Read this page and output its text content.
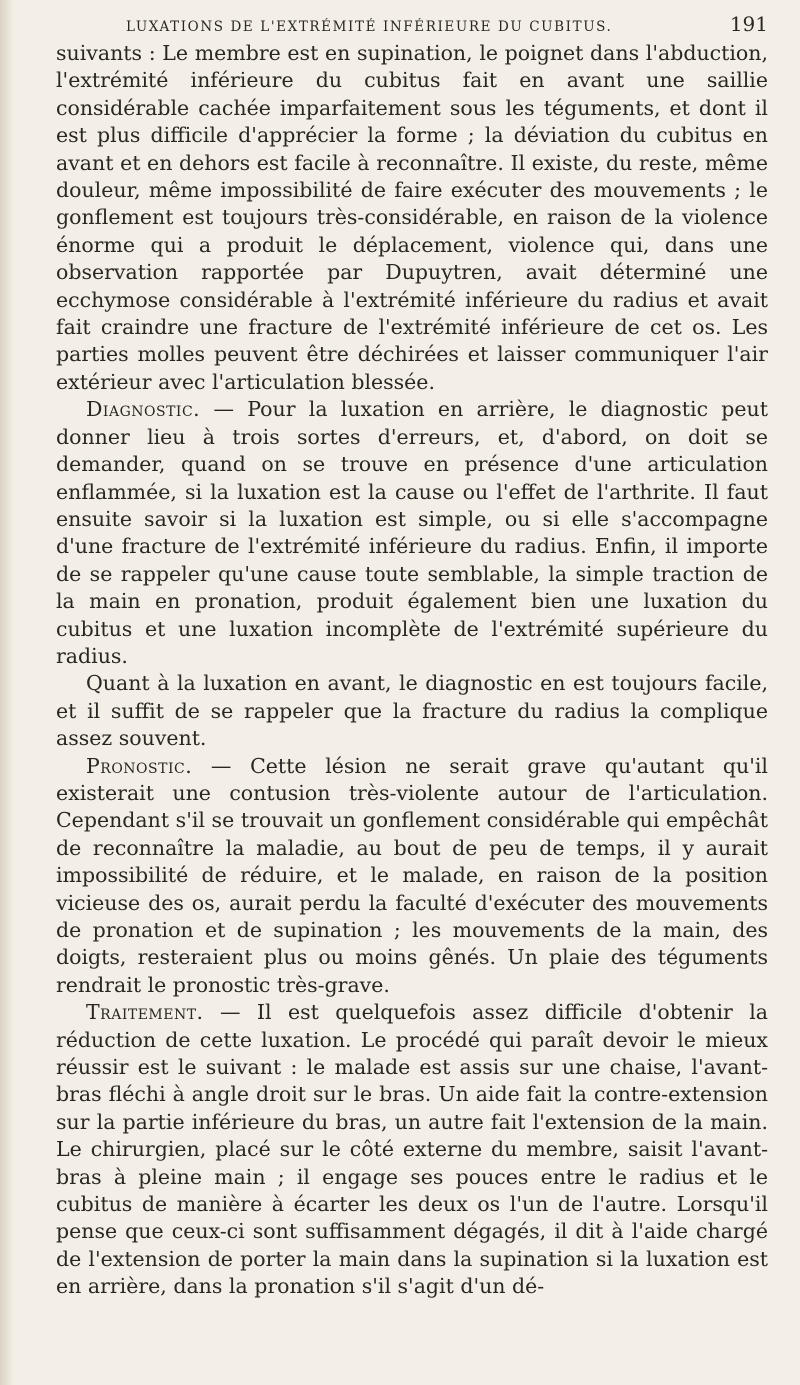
LUXATIONS DE L'EXTRÉMITÉ INFÉRIEURE DU CUBITUS.	191

suivants : Le membre est en supination, le poignet dans l'abduction, l'extrémité inférieure du cubitus fait en avant une saillie considérable cachée imparfaitement sous les téguments, et dont il est plus difficile d'apprécier la forme ; la déviation du cubitus en avant et en dehors est facile à reconnaître. Il existe, du reste, même douleur, même impossibilité de faire exécuter des mouvements ; le gonflement est toujours très-considérable, en raison de la violence énorme qui a produit le déplacement, violence qui, dans une observation rapportée par Dupuytren, avait déterminé une ecchymose considérable à l'extrémité inférieure du radius et avait fait craindre une fracture de l'extrémité inférieure de cet os. Les parties molles peuvent être déchirées et laisser communiquer l'air extérieur avec l'articulation blessée.

Diagnostic. — Pour la luxation en arrière, le diagnostic peut donner lieu à trois sortes d'erreurs, et, d'abord, on doit se demander, quand on se trouve en présence d'une articulation enflammée, si la luxation est la cause ou l'effet de l'arthrite. Il faut ensuite savoir si la luxation est simple, ou si elle s'accompagne d'une fracture de l'extrémité inférieure du radius. Enfin, il importe de se rappeler qu'une cause toute semblable, la simple traction de la main en pronation, produit également bien une luxation du cubitus et une luxation incomplète de l'extrémité supérieure du radius.

Quant à la luxation en avant, le diagnostic en est toujours facile, et il suffit de se rappeler que la fracture du radius la complique assez souvent.

Pronostic. — Cette lésion ne serait grave qu'autant qu'il existerait une contusion très-violente autour de l'articulation. Cependant s'il se trouvait un gonflement considérable qui empêchât de reconnaître la maladie, au bout de peu de temps, il y aurait impossibilité de réduire, et le malade, en raison de la position vicieuse des os, aurait perdu la faculté d'exécuter des mouvements de pronation et de supination ; les mouvements de la main, des doigts, resteraient plus ou moins gênés. Un plaie des téguments rendrait le pronostic très-grave.

Traitement. — Il est quelquefois assez difficile d'obtenir la réduction de cette luxation. Le procédé qui paraît devoir le mieux réussir est le suivant : le malade est assis sur une chaise, l'avant-bras fléchi à angle droit sur le bras. Un aide fait la contre-extension sur la partie inférieure du bras, un autre fait l'extension de la main. Le chirurgien, placé sur le côté externe du membre, saisit l'avant-bras à pleine main ; il engage ses pouces entre le radius et le cubitus de manière à écarter les deux os l'un de l'autre. Lorsqu'il pense que ceux-ci sont suffisamment dégagés, il dit à l'aide chargé de l'extension de porter la main dans la supination si la luxation est en arrière, dans la pronation s'il s'agit d'un dé-
